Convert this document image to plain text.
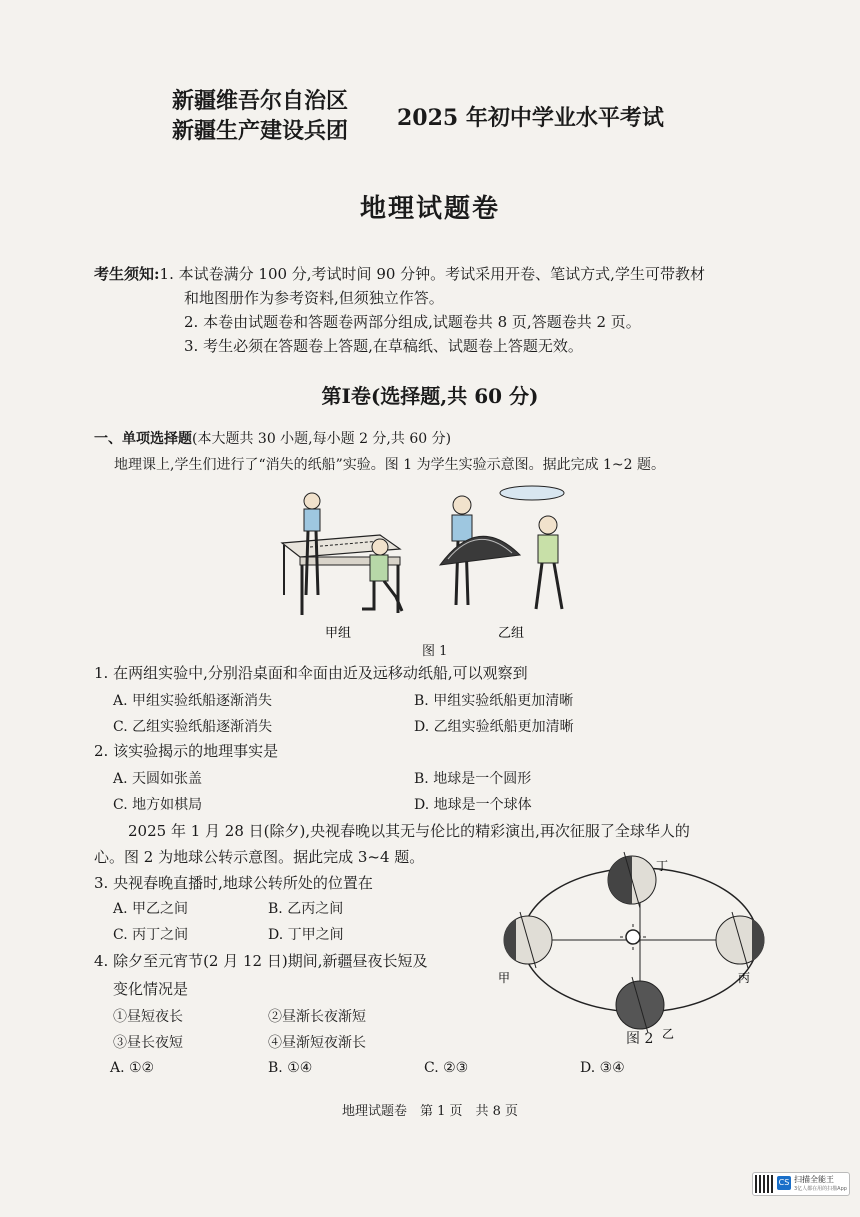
新疆维吾尔自治区
新疆生产建设兵团 2025 年初中学业水平考试
地理试题卷
考生须知:1. 本试卷满分 100 分,考试时间 90 分钟。考试采用开卷、笔试方式,学生可带教材
和地图册作为参考资料,但须独立作答。
2. 本卷由试题卷和答题卷两部分组成,试题卷共 8 页,答题卷共 2 页。
3. 考生必须在答题卷上答题,在草稿纸、试题卷上答题无效。
第Ⅰ卷(选择题,共 60 分)
一、单项选择题(本大题共 30 小题,每小题 2 分,共 60 分)
地理课上,学生们进行了“消失的纸船”实验。图 1 为学生实验示意图。据此完成 1~2 题。
甲组	乙组
图 1
1. 在两组实验中,分别沿桌面和伞面由近及远移动纸船,可以观察到
A. 甲组实验纸船逐渐消失	B. 甲组实验纸船更加清晰
C. 乙组实验纸船逐渐消失	D. 乙组实验纸船更加清晰
2. 该实验揭示的地理事实是
A. 天圆如张盖	B. 地球是一个圆形
C. 地方如棋局	D. 地球是一个球体
2025 年 1 月 28 日(除夕),央视春晚以其无与伦比的精彩演出,再次征服了全球华人的
心。图 2 为地球公转示意图。据此完成 3~4 题。
3. 央视春晚直播时,地球公转所处的位置在
A. 甲乙之间	B. 乙丙之间
C. 丙丁之间	D. 丁甲之间
4. 除夕至元宵节(2 月 12 日)期间,新疆昼夜长短及
变化情况是
①昼短夜长	②昼渐长夜渐短
③昼长夜短	④昼渐短夜渐长
A. ①②	B. ①④	C. ②③	D. ③④
甲
乙
丙
丁
图 2
地理试题卷　第 1 页　共 8 页
CS 扫描全能王
3亿人都在用的扫描App
